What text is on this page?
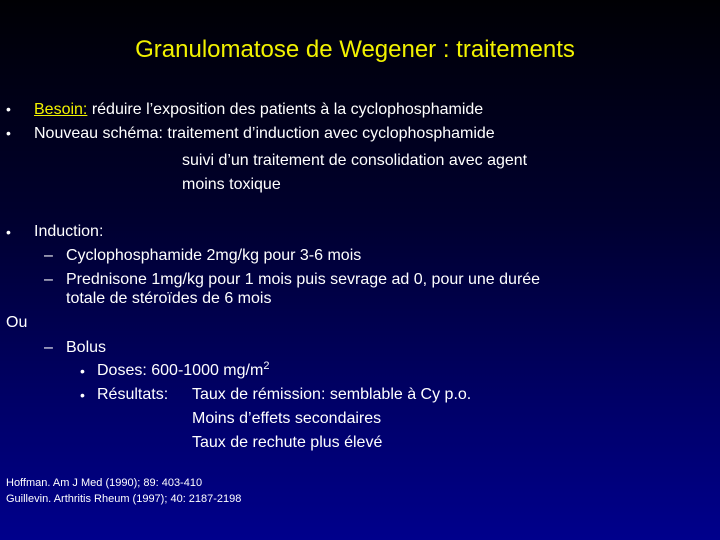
Granulomatose de Wegener : traitements
• Besoin: réduire l’exposition des patients à la cyclophosphamide
• Nouveau schéma: traitement d’induction avec cyclophosphamide
suivi d’un traitement de consolidation avec agent
moins toxique
• Induction:
– Cyclophosphamide 2mg/kg pour 3-6 mois
– Prednisone 1mg/kg pour 1 mois puis sevrage ad 0, pour une durée
totale de stéroïdes de 6 mois
Ou
– Bolus
• Doses: 600-1000 $mg/m^2$
• Résultats: Taux de rémission: semblable à Cy p.o.
Moins d’effets secondaires
Taux de rechute plus élevé
Hoffman. Am J Med (1990); 89: 403-410
Guillevin. Arthritis Rheum (1997); 40: 2187-2198
